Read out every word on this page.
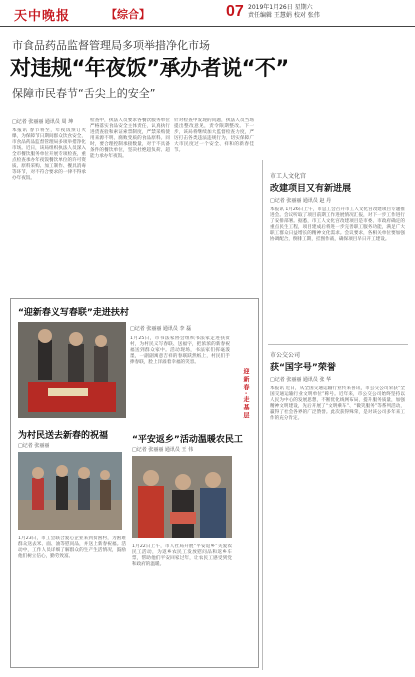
天中晚报	【综合】	07 2019年1月26日 星期六
责任编辑 王慧娟 校对 张伟
市食品药品监督管理局多项举措净化市场
对违规“年夜饭”承办者说“不”
保障市民春节“舌尖上的安全”
□记者 张丽丽 通讯员 周 坤
本报讯 春节将至，年夜饭预订火爆，为保障节日期间群众饮食安全，市食品药品监督管理局多项举措净化市场。近日，该局组织执法人员深入全市餐饮服务单位开展专项检查，重点检查承办年夜饭餐饮单位的许可资质、原料采购、加工制作、餐具消毒等环节，对不符合要求的一律不得承办年夜饭。
检查中，执法人员要求各餐饮服务单位严格落实食品安全主体责任，认真执行进货查验和索证索票制度，严禁采购使用来源不明、腐败变质的食品原料。同时，要合理控制承接数量，对于不具备条件的餐饮单位，坚决杜绝超负荷、超能力承办年夜饭。
针对检查中发现的问题，执法人员当场提出整改意见，责令限期整改。下一步，该局将继续加大监督检查力度，严厉打击各类违法违规行为，切实保障广大市民度过一个安全、祥和的新春佳节。
市工人文化宫
改建项目又有新进展
□记者 张丽丽 通讯员 赵 丹
本报讯 1月26日上午，市总工会召开市工人文化宫改建项目专题推进会。会议听取了项目前期工作进展情况汇报，对下一步工作进行了安排部署。据悉，市工人文化宫改建项目是市委、市政府确定的重点民生工程，项目建成后将进一步完善职工服务功能，满足广大职工群众日益增长的精神文化需求。会议要求，各相关单位要加强协调配合，倒排工期，挂图作战，确保项目早日开工建设。
市公交公司
获“国字号”荣誉
□记者 张丽丽 通讯员 张 华
本报讯 近日，从全国交通运输行业传来喜讯，市公交公司荣获“全国交通运输行业文明单位”称号。近年来，市公交公司始终坚持以人民为中心的发展思想，不断优化线网布局，提升服务质量，加强精神文明建设，先后开展了“文明乘车”、“微笑服务”等系列活动，赢得了社会各界的广泛赞誉。此次获得殊荣，是对该公司多年来工作的充分肯定。
“迎新春义写春联”走进扶村
□记者 张丽丽 通讯员 李 磊
1月25日，市书法家协会组织书法家走进扶贫村，为村民义写春联、送福字，把浓浓的新春祝福送到群众家中。活动现场，书法家们挥毫泼墨，一副副寓意吉祥的春联跃然纸上，村民们手捧春联，脸上洋溢着幸福的笑容。
为村民送去新春的祝福
□记者 张丽丽
1月23日，市工会联合爱心企业来到贫困村，为困难群众送去米、面、油等慰问品，并送上新春祝福。活动中，工作人员详细了解群众的生产生活情况，鼓励他们树立信心，勤劳致富。
“平安返乡”活动温暖农民工
□记者 张丽丽 通讯员 王 伟
1月22日上午，市人社局开展“平安返乡”关爱农民工活动，为返乡农民工发放慰问品和返乡车票，帮助他们平安回家过年，让农民工感受到党和政府的温暖。
迎新春·走基层
